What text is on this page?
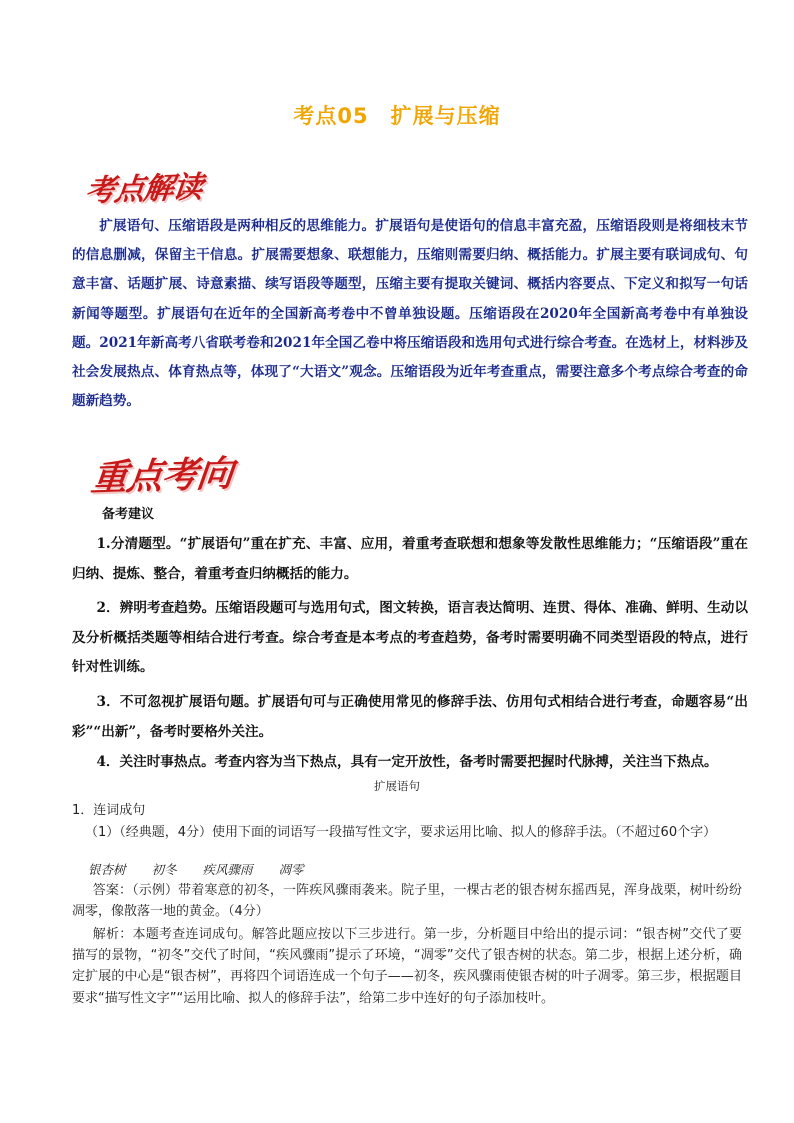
考点05　扩展与压缩
考点解读

扩展语句、压缩语段是两种相反的思维能力。扩展语句是使语句的信息丰富充盈，压缩语段则是将细枝末节的信息删减，保留主干信息。扩展需要想象、联想能力，压缩则需要归纳、概括能力。扩展主要有联词成句、句意丰富、话题扩展、诗意素描、续写语段等题型，压缩主要有提取关键词、概括内容要点、下定义和拟写一句话新闻等题型。扩展语句在近年的全国新高考卷中不曾单独设题。压缩语段在2020年全国新高考卷中有单独设题。2021年新高考八省联考卷和2021年全国乙卷中将压缩语段和选用句式进行综合考查。在选材上，材料涉及社会发展热点、体育热点等，体现了“大语文”观念。压缩语段为近年考查重点，需要注意多个考点综合考查的命题新趋势。

重点考向
备考建议

1.分清题型。“扩展语句”重在扩充、丰富、应用，着重考查联想和想象等发散性思维能力；“压缩语段”重在归纳、提炼、整合，着重考查归纳概括的能力。

2．辨明考查趋势。压缩语段题可与选用句式，图文转换，语言表达简明、连贯、得体、准确、鲜明、生动以及分析概括类题等相结合进行考查。综合考查是本考点的考查趋势，备考时需要明确不同类型语段的特点，进行针对性训练。

3．不可忽视扩展语句题。扩展语句可与正确使用常见的修辞手法、仿用句式相结合进行考查，命题容易“出彩”“出新”，备考时要格外关注。

4．关注时事热点。考查内容为当下热点，具有一定开放性，备考时需要把握时代脉搏，关注当下热点。

扩展语句

1．连词成句

（1）（经典题，4分）使用下面的词语写一段描写性文字，要求运用比喻、拟人的修辞手法。（不超过60个字）

银杏树 初冬 疾风骤雨 凋零

答案：（示例）带着寒意的初冬，一阵疾风骤雨袭来。院子里，一棵古老的银杏树东摇西晃，浑身战栗，树叶纷纷凋零，像散落一地的黄金。（4分）

解析：本题考查连词成句。解答此题应按以下三步进行。第一步，分析题目中给出的提示词：“银杏树”交代了要描写的景物，“初冬”交代了时间，“疾风骤雨”提示了环境，“凋零”交代了银杏树的状态。第二步，根据上述分析，确定扩展的中心是“银杏树”，再将四个词语连成一个句子——初冬，疾风骤雨使银杏树的叶子凋零。第三步，根据题目要求“描写性文字”“运用比喻、拟人的修辞手法”，给第二步中连好的句子添加枝叶。
